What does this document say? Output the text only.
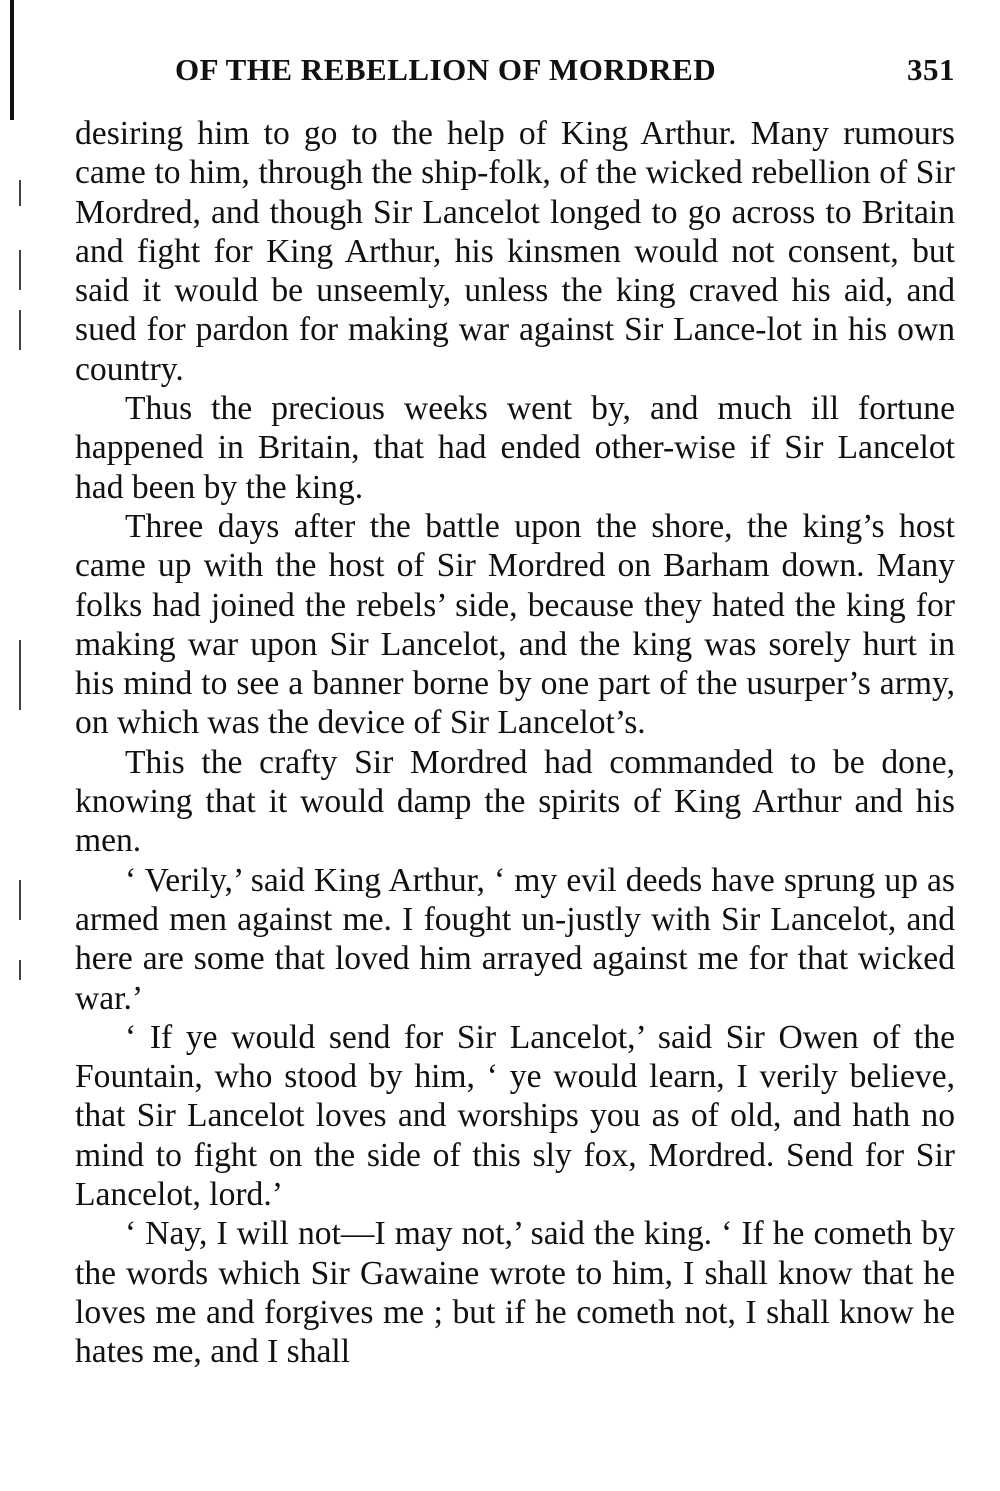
OF THE REBELLION OF MORDRED	351

desiring him to go to the help of King Arthur. Many rumours came to him, through the ship-folk, of the wicked rebellion of Sir Mordred, and though Sir Lancelot longed to go across to Britain and fight for King Arthur, his kinsmen would not consent, but said it would be unseemly, unless the king craved his aid, and sued for pardon for making war against Sir Lance-lot in his own country.

Thus the precious weeks went by, and much ill fortune happened in Britain, that had ended other-wise if Sir Lancelot had been by the king.

Three days after the battle upon the shore, the king’s host came up with the host of Sir Mordred on Barham down. Many folks had joined the rebels’ side, because they hated the king for making war upon Sir Lancelot, and the king was sorely hurt in his mind to see a banner borne by one part of the usurper’s army, on which was the device of Sir Lancelot’s.

This the crafty Sir Mordred had commanded to be done, knowing that it would damp the spirits of King Arthur and his men.

‘ Verily,’ said King Arthur, ‘ my evil deeds have sprung up as armed men against me. I fought un-justly with Sir Lancelot, and here are some that loved him arrayed against me for that wicked war.’

‘ If ye would send for Sir Lancelot,’ said Sir Owen of the Fountain, who stood by him, ‘ ye would learn, I verily believe, that Sir Lancelot loves and worships you as of old, and hath no mind to fight on the side of this sly fox, Mordred. Send for Sir Lancelot, lord.’

‘ Nay, I will not—I may not,’ said the king. ‘ If he cometh by the words which Sir Gawaine wrote to him, I shall know that he loves me and forgives me ; but if he cometh not, I shall know he hates me, and I shall
